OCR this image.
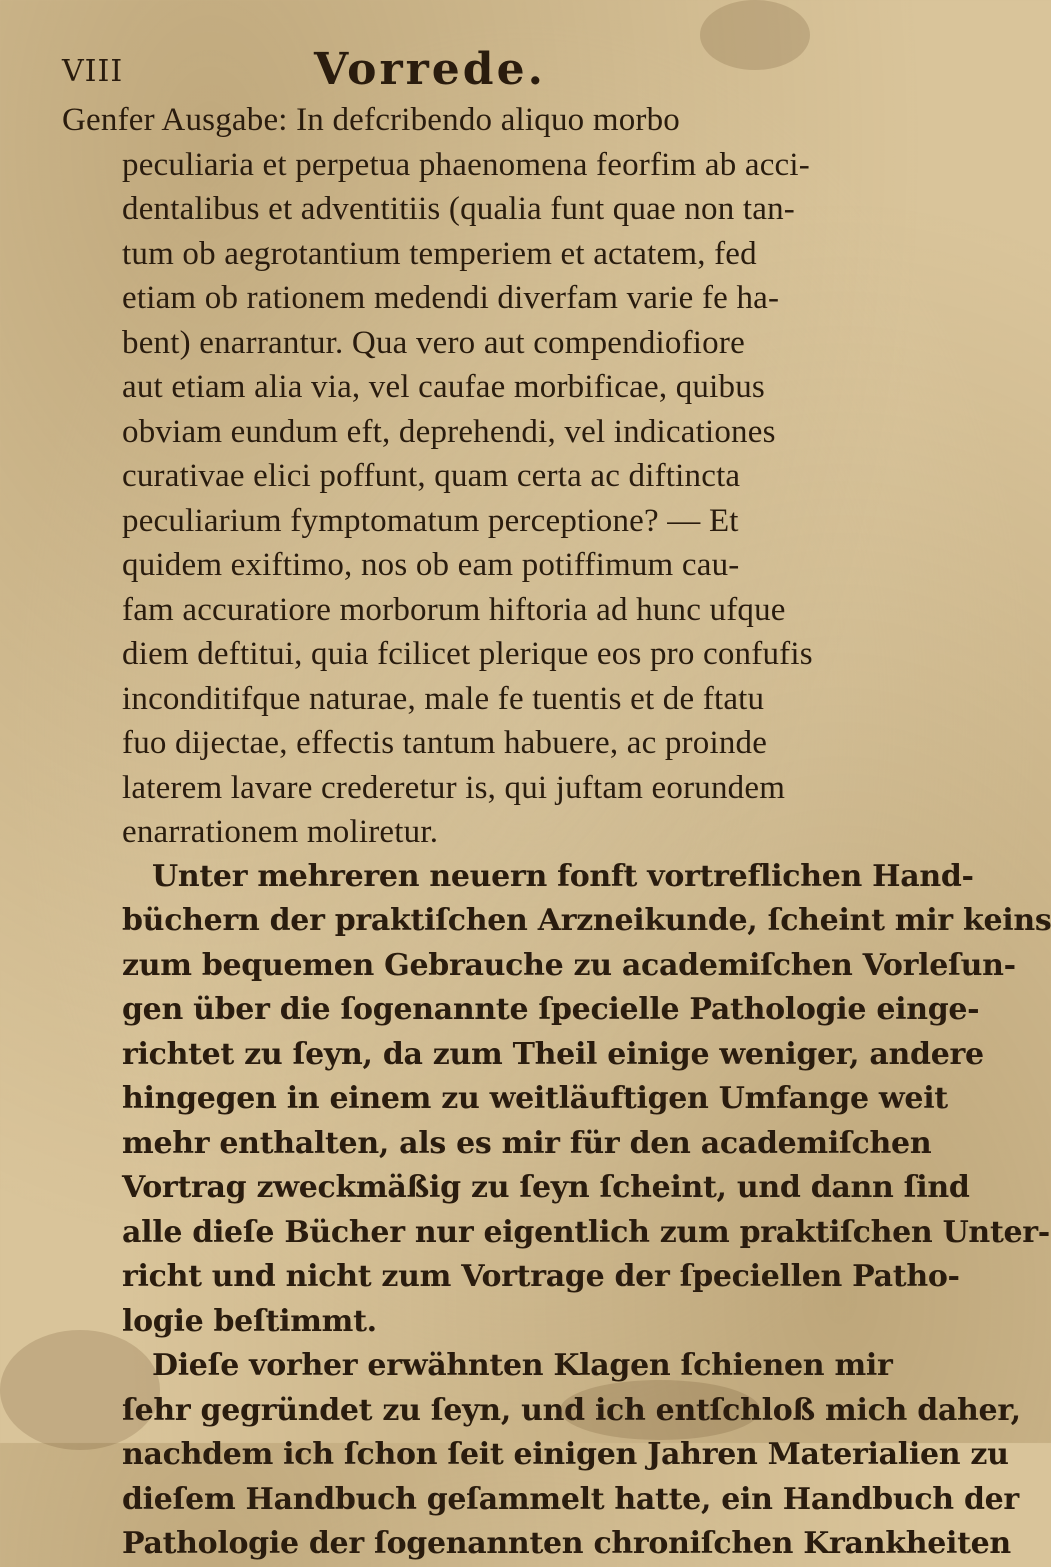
VIII	Vorrede.
Genfer Ausgabe: In defcribendo aliquo morbo
peculiaria et perpetua phaenomena feorfim ab acci-
dentalibus et adventitiis (qualia funt quae non tan-
tum ob aegrotantium temperiem et actatem, fed
etiam ob rationem medendi diverfam varie fe ha-
bent) enarrantur. Qua vero aut compendiofiore
aut etiam alia via, vel caufae morbificae, quibus
obviam eundum eft, deprehendi, vel indicationes
curativae elici poffunt, quam certa ac diftincta
peculiarium fymptomatum perceptione? — Et
quidem exiftimo, nos ob eam potiffimum cau-
fam accuratiore morborum hiftoria ad hunc ufque
diem deftitui, quia fcilicet plerique eos pro confufis
inconditifque naturae, male fe tuentis et de ftatu
fuo dijectae, effectis tantum habuere, ac proinde
laterem lavare crederetur is, qui juftam eorundem
enarrationem moliretur.
Unter mehreren neuern fonft vortreflichen Hand-
büchern der praktiſchen Arzneikunde, ſcheint mir keins
zum bequemen Gebrauche zu academiſchen Vorleſun-
gen über die ſogenannte ſpecielle Pathologie einge-
richtet zu ſeyn, da zum Theil einige weniger, andere
hingegen in einem zu weitläuftigen Umfange weit
mehr enthalten, als es mir für den academiſchen
Vortrag zweckmäßig zu ſeyn ſcheint, und dann ſind
alle dieſe Bücher nur eigentlich zum praktiſchen Unter-
richt und nicht zum Vortrage der ſpeciellen Patho-
logie beſtimmt.
Dieſe vorher erwähnten Klagen ſchienen mir
ſehr gegründet zu ſeyn, und ich entſchloß mich daher,
nachdem ich ſchon ſeit einigen Jahren Materialien zu
dieſem Handbuch geſammelt hatte, ein Handbuch der
Pathologie der ſogenannten chroniſchen Krankheiten
